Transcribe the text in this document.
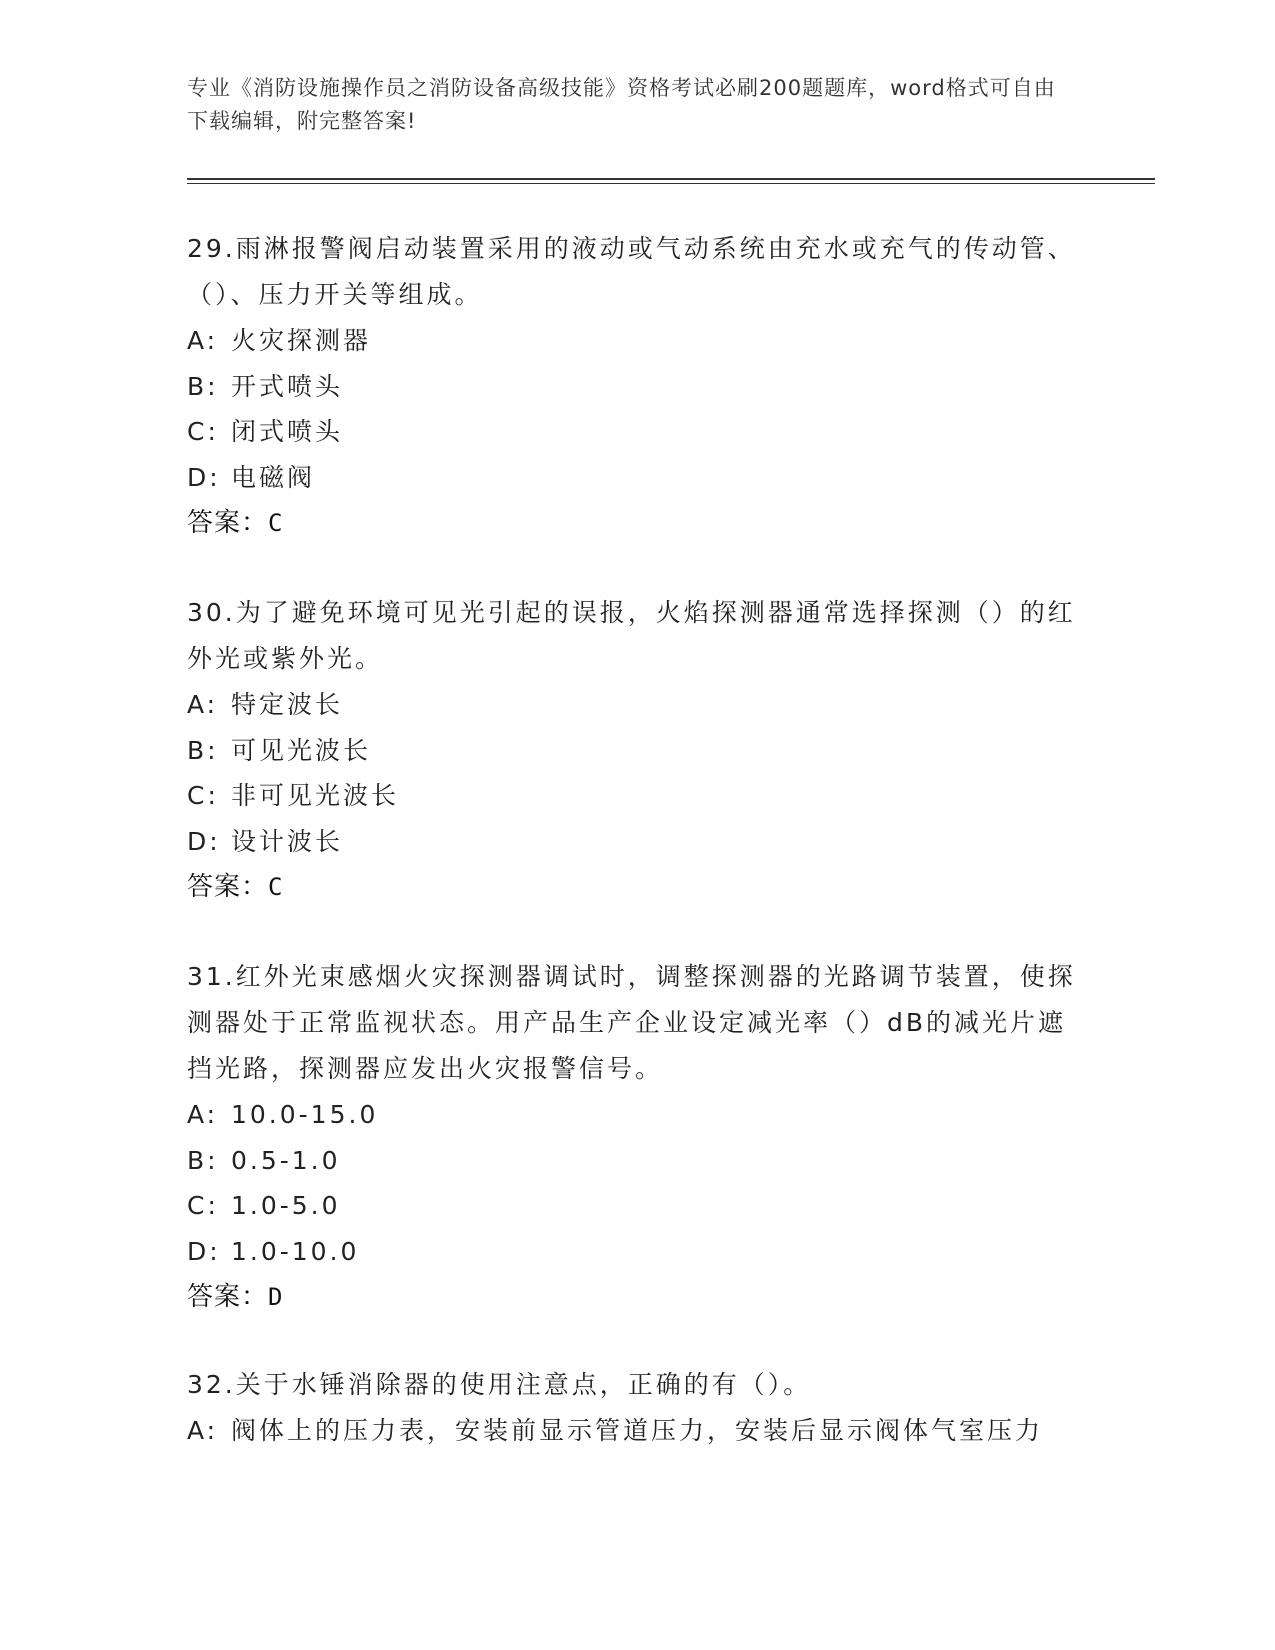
专业《消防设施操作员之消防设备高级技能》资格考试必刷200题题库，word格式可自由下载编辑，附完整答案!
29.雨淋报警阀启动装置采用的液动或气动系统由充水或充气的传动管、（）、压力开关等组成。
A: 火灾探测器
B: 开式喷头
C: 闭式喷头
D: 电磁阀
答案：C
30.为了避免环境可见光引起的误报，火焰探测器通常选择探测（）的红外光或紫外光。
A: 特定波长
B: 可见光波长
C: 非可见光波长
D: 设计波长
答案：C
31.红外光束感烟火灾探测器调试时，调整探测器的光路调节装置，使探测器处于正常监视状态。用产品生产企业设定减光率（）dB的减光片遮挡光路，探测器应发出火灾报警信号。
A: 10.0-15.0
B: 0.5-1.0
C: 1.0-5.0
D: 1.0-10.0
答案：D
32.关于水锤消除器的使用注意点，正确的有（）。
A: 阀体上的压力表，安装前显示管道压力，安装后显示阀体气室压力
